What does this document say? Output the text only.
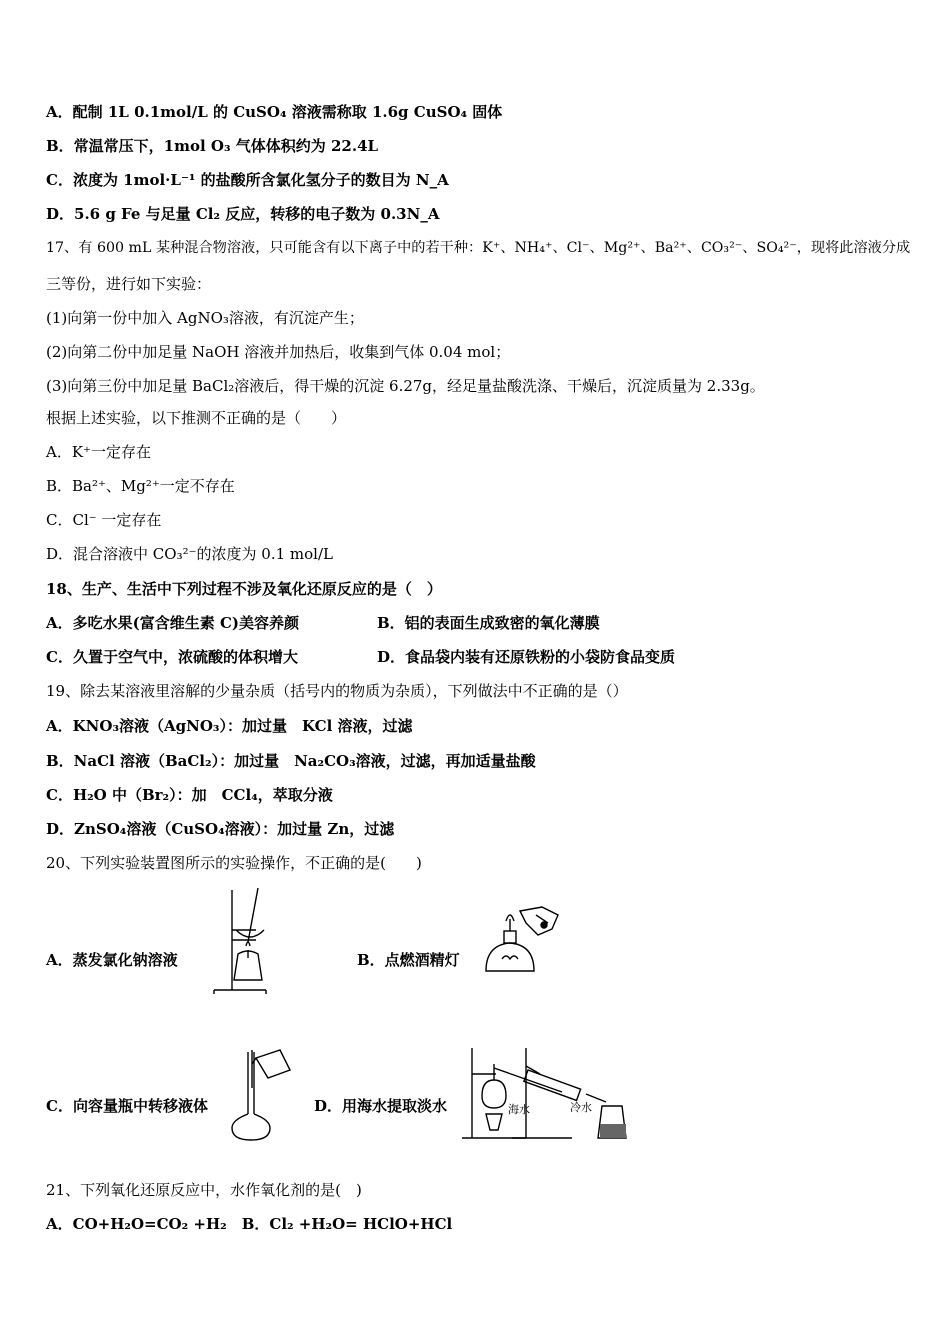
A．配制 1L 0.1mol/L 的 CuSO₄ 溶液需称取 1.6g CuSO₄ 固体
B．常温常压下，1mol O₃ 气体体积约为 22.4L
C．浓度为 1mol·L⁻¹ 的盐酸所含氯化氢分子的数目为 N_A
D．5.6 g Fe 与足量 Cl₂ 反应，转移的电子数为 0.3N_A
17、有 600 mL 某种混合物溶液，只可能含有以下离子中的若干种：K⁺、NH₄⁺、Cl⁻、Mg²⁺、Ba²⁺、CO₃²⁻、SO₄²⁻，现将此溶液分成
三等份，进行如下实验：
(1)向第一份中加入 AgNO₃溶液，有沉淀产生；
(2)向第二份中加足量 NaOH 溶液并加热后，收集到气体 0.04 mol；
(3)向第三份中加足量 BaCl₂溶液后，得干燥的沉淀 6.27g，经足量盐酸洗涤、干燥后，沉淀质量为 2.33g。
根据上述实验，以下推测不正确的是（　　）
A．K⁺一定存在
B．Ba²⁺、Mg²⁺一定不存在
C．Cl⁻ 一定存在
D．混合溶液中 CO₃²⁻的浓度为 0.1 mol/L
18、生产、生活中下列过程不涉及氧化还原反应的是（　）
A．多吃水果(富含维生素 C)美容养颜	B．铝的表面生成致密的氧化薄膜
C．久置于空气中，浓硫酸的体积增大	D．食品袋内装有还原铁粉的小袋防食品变质
19、除去某溶液里溶解的少量杂质（括号内的物质为杂质），下列做法中不正确的是（）
A．KNO₃溶液（AgNO₃）：加过量　KCl 溶液，过滤
B．NaCl 溶液（BaCl₂）：加过量　Na₂CO₃溶液，过滤，再加适量盐酸
C．H₂O 中（Br₂）：加　CCl₄，萃取分液
D．ZnSO₄溶液（CuSO₄溶液）：加过量 Zn，过滤
20、下列实验装置图所示的实验操作，不正确的是(　　)
A．蒸发氯化钠溶液	B．点燃酒精灯
C．向容量瓶中转移液体	D．用海水提取淡水	海水	冷水
21、下列氧化还原反应中，水作氧化剂的是(　)
A．CO+H₂O=CO₂ +H₂　B．Cl₂ +H₂O= HClO+HCl
